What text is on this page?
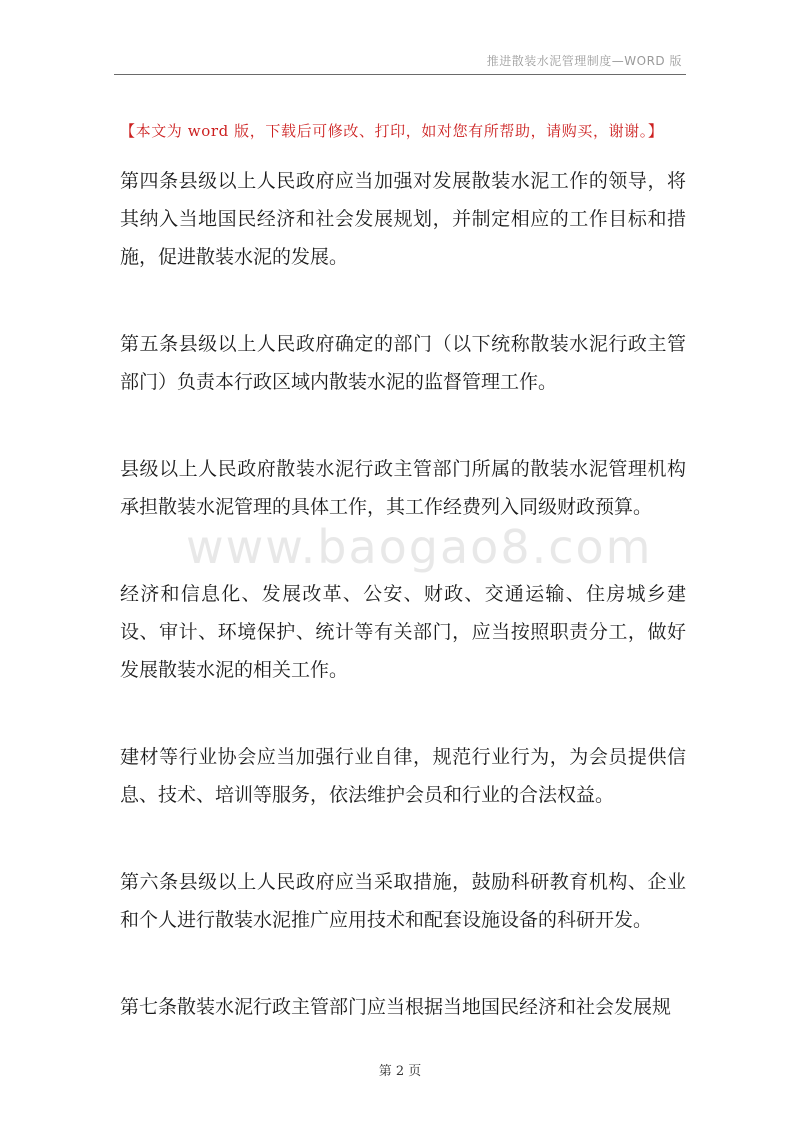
推进散装水泥管理制度—WORD 版
【本文为 word 版，下载后可修改、打印，如对您有所帮助，请购买，谢谢。】

第四条县级以上人民政府应当加强对发展散装水泥工作的领导，将其纳入当地国民经济和社会发展规划，并制定相应的工作目标和措施，促进散装水泥的发展。

第五条县级以上人民政府确定的部门（以下统称散装水泥行政主管部门）负责本行政区域内散装水泥的监督管理工作。

县级以上人民政府散装水泥行政主管部门所属的散装水泥管理机构承担散装水泥管理的具体工作，其工作经费列入同级财政预算。

经济和信息化、发展改革、公安、财政、交通运输、住房城乡建设、审计、环境保护、统计等有关部门，应当按照职责分工，做好发展散装水泥的相关工作。

建材等行业协会应当加强行业自律，规范行业行为，为会员提供信息、技术、培训等服务，依法维护会员和行业的合法权益。

第六条县级以上人民政府应当采取措施，鼓励科研教育机构、企业和个人进行散装水泥推广应用技术和配套设施设备的科研开发。

第七条散装水泥行政主管部门应当根据当地国民经济和社会发展规

www.baogao8.com
第 2 页
